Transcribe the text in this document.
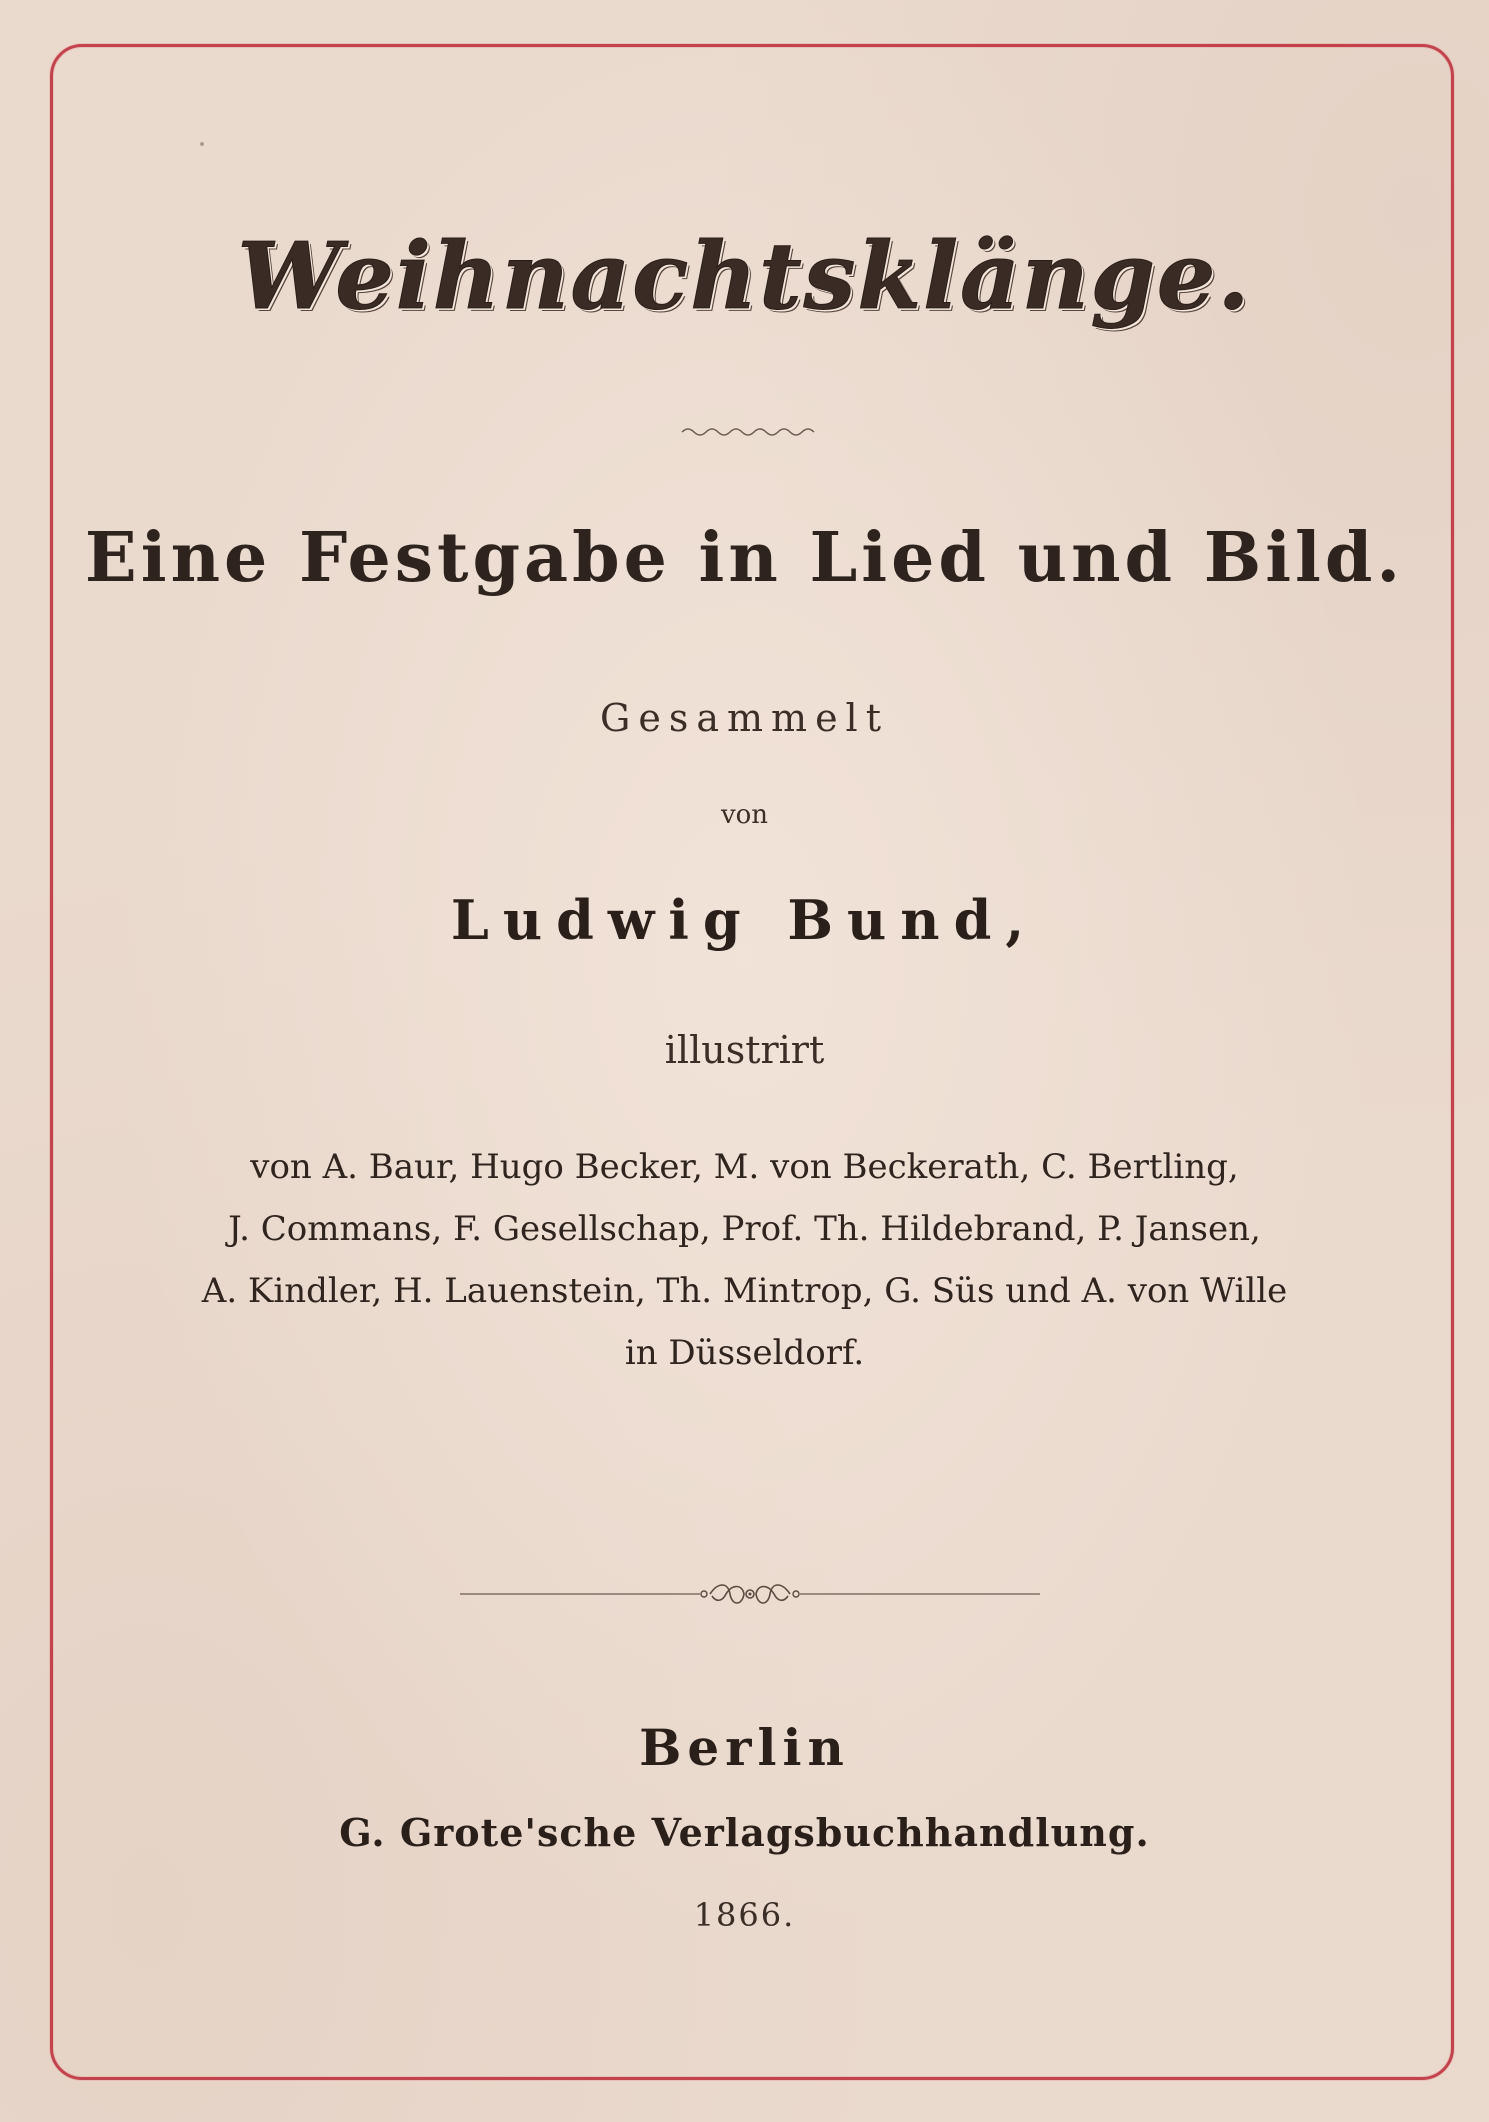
Weihnachtsklänge.
Eine Festgabe in Lied und Bild.
Gesammelt
von
Ludwig Bund,
illustrirt
von A. Baur, Hugo Becker, M. von Beckerath, C. Bertling,
J. Commans, F. Gesellschap, Prof. Th. Hildebrand, P. Jansen,
A. Kindler, H. Lauenstein, Th. Mintrop, G. Süs und A. von Wille
in Düsseldorf.
Berlin
G. Grote'sche Verlagsbuchhandlung.
1866.
